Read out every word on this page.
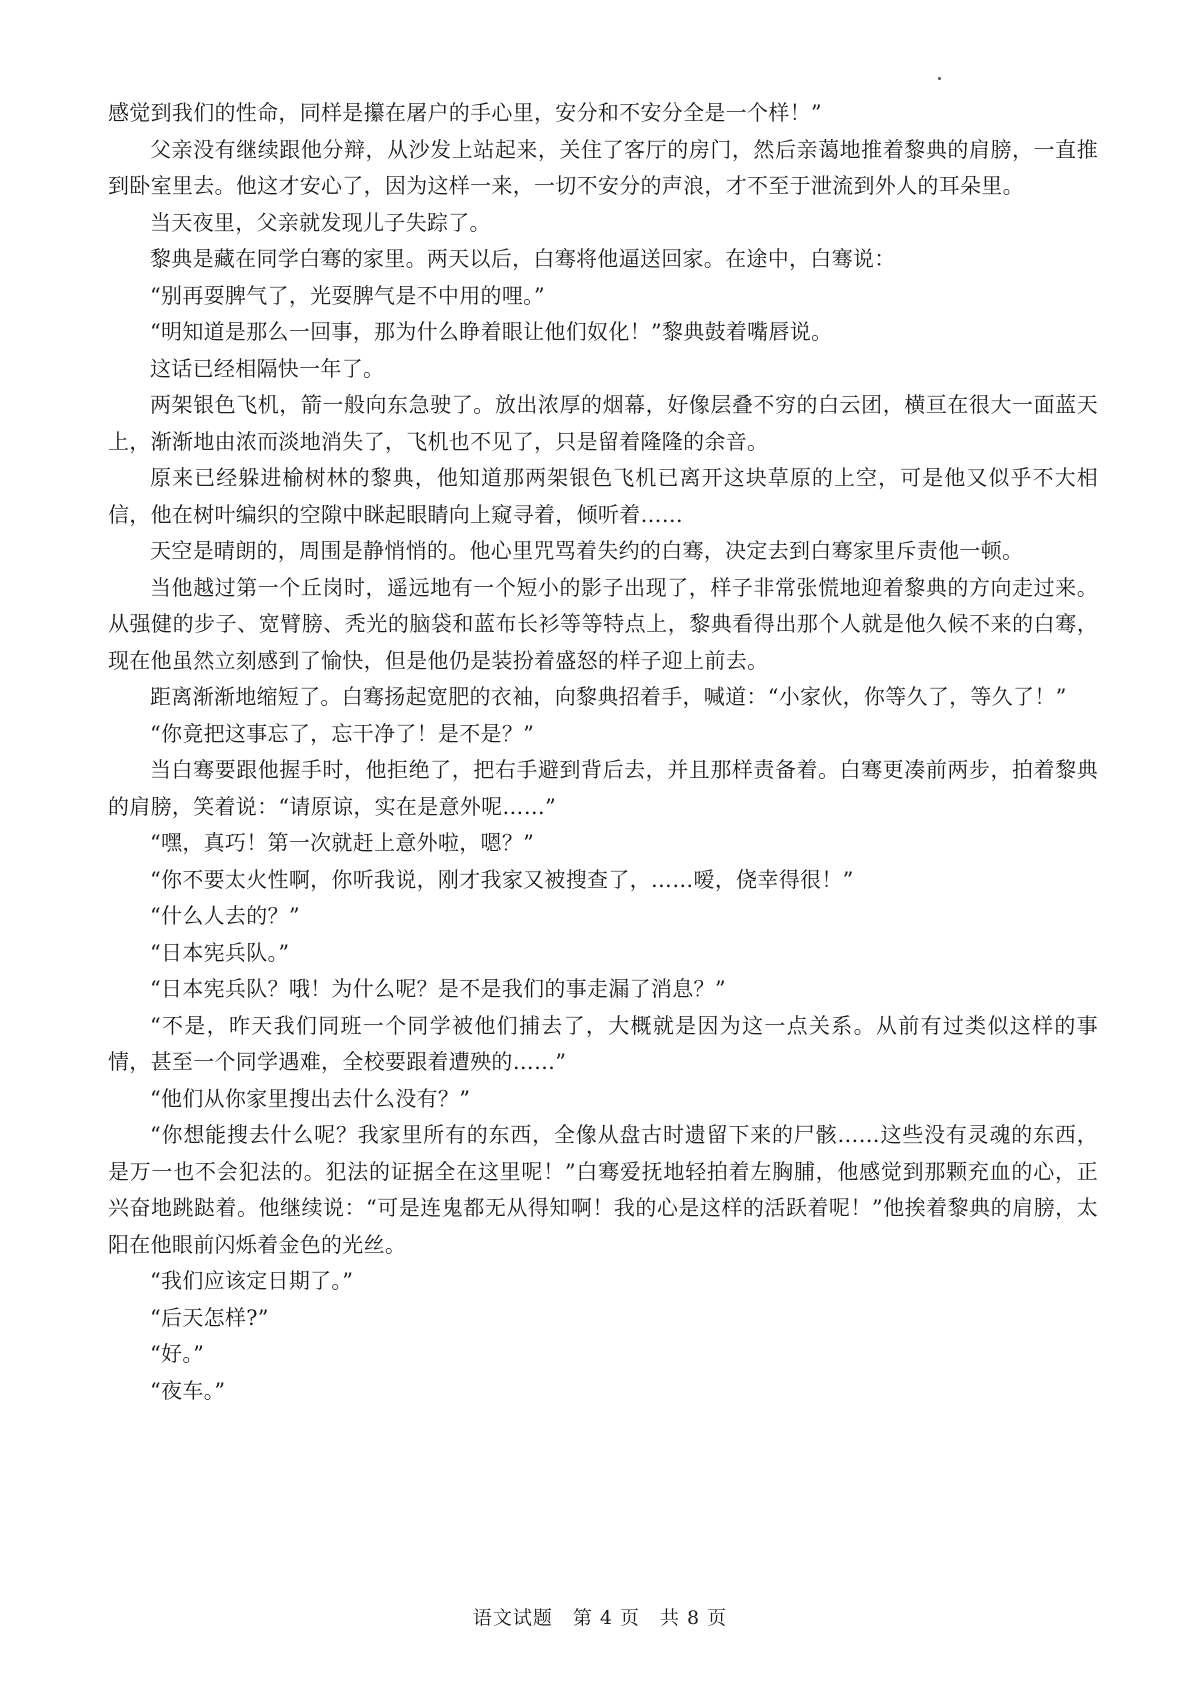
感觉到我们的性命，同样是攥在屠户的手心里，安分和不安分全是一个样！”

父亲没有继续跟他分辩，从沙发上站起来，关住了客厅的房门，然后亲蔼地推着黎典的肩膀，一直推到卧室里去。他这才安心了，因为这样一来，一切不安分的声浪，才不至于泄流到外人的耳朵里。

当天夜里，父亲就发现儿子失踪了。

黎典是藏在同学白骞的家里。两天以后，白骞将他逼送回家。在途中，白骞说：

“别再耍脾气了，光耍脾气是不中用的哩。”

“明知道是那么一回事，那为什么睁着眼让他们奴化！”黎典鼓着嘴唇说。

这话已经相隔快一年了。

两架银色飞机，箭一般向东急驶了。放出浓厚的烟幕，好像层叠不穷的白云团，横亘在很大一面蓝天上，渐渐地由浓而淡地消失了，飞机也不见了，只是留着隆隆的余音。

原来已经躲进榆树林的黎典，他知道那两架银色飞机已离开这块草原的上空，可是他又似乎不大相信，他在树叶编织的空隙中眯起眼睛向上窥寻着，倾听着……

天空是晴朗的，周围是静悄悄的。他心里咒骂着失约的白骞，决定去到白骞家里斥责他一顿。

当他越过第一个丘岗时，遥远地有一个短小的影子出现了，样子非常张慌地迎着黎典的方向走过来。从强健的步子、宽臂膀、秃光的脑袋和蓝布长衫等等特点上，黎典看得出那个人就是他久候不来的白骞，现在他虽然立刻感到了愉快，但是他仍是装扮着盛怒的样子迎上前去。

距离渐渐地缩短了。白骞扬起宽肥的衣袖，向黎典招着手，喊道：“小家伙，你等久了，等久了！”

“你竟把这事忘了，忘干净了！是不是？”

当白骞要跟他握手时，他拒绝了，把右手避到背后去，并且那样责备着。白骞更凑前两步，拍着黎典的肩膀，笑着说：“请原谅，实在是意外呢……”

“嘿，真巧！第一次就赶上意外啦，嗯？”

“你不要太火性啊，你听我说，刚才我家又被搜查了，……嗳，侥幸得很！”

“什么人去的？”

“日本宪兵队。”

“日本宪兵队？哦！为什么呢？是不是我们的事走漏了消息？”

“不是，昨天我们同班一个同学被他们捕去了，大概就是因为这一点关系。从前有过类似这样的事情，甚至一个同学遇难，全校要跟着遭殃的……”

“他们从你家里搜出去什么没有？”

“你想能搜去什么呢？我家里所有的东西，全像从盘古时遗留下来的尸骸……这些没有灵魂的东西，是万一也不会犯法的。犯法的证据全在这里呢！”白骞爱抚地轻拍着左胸脯，他感觉到那颗充血的心，正兴奋地跳跶着。他继续说：“可是连鬼都无从得知啊！我的心是这样的活跃着呢！”他挨着黎典的肩膀，太阳在他眼前闪烁着金色的光丝。

“我们应该定日期了。”

“后天怎样?”

“好。”

“夜车。”

语文试题　第 4 页　共 8 页
